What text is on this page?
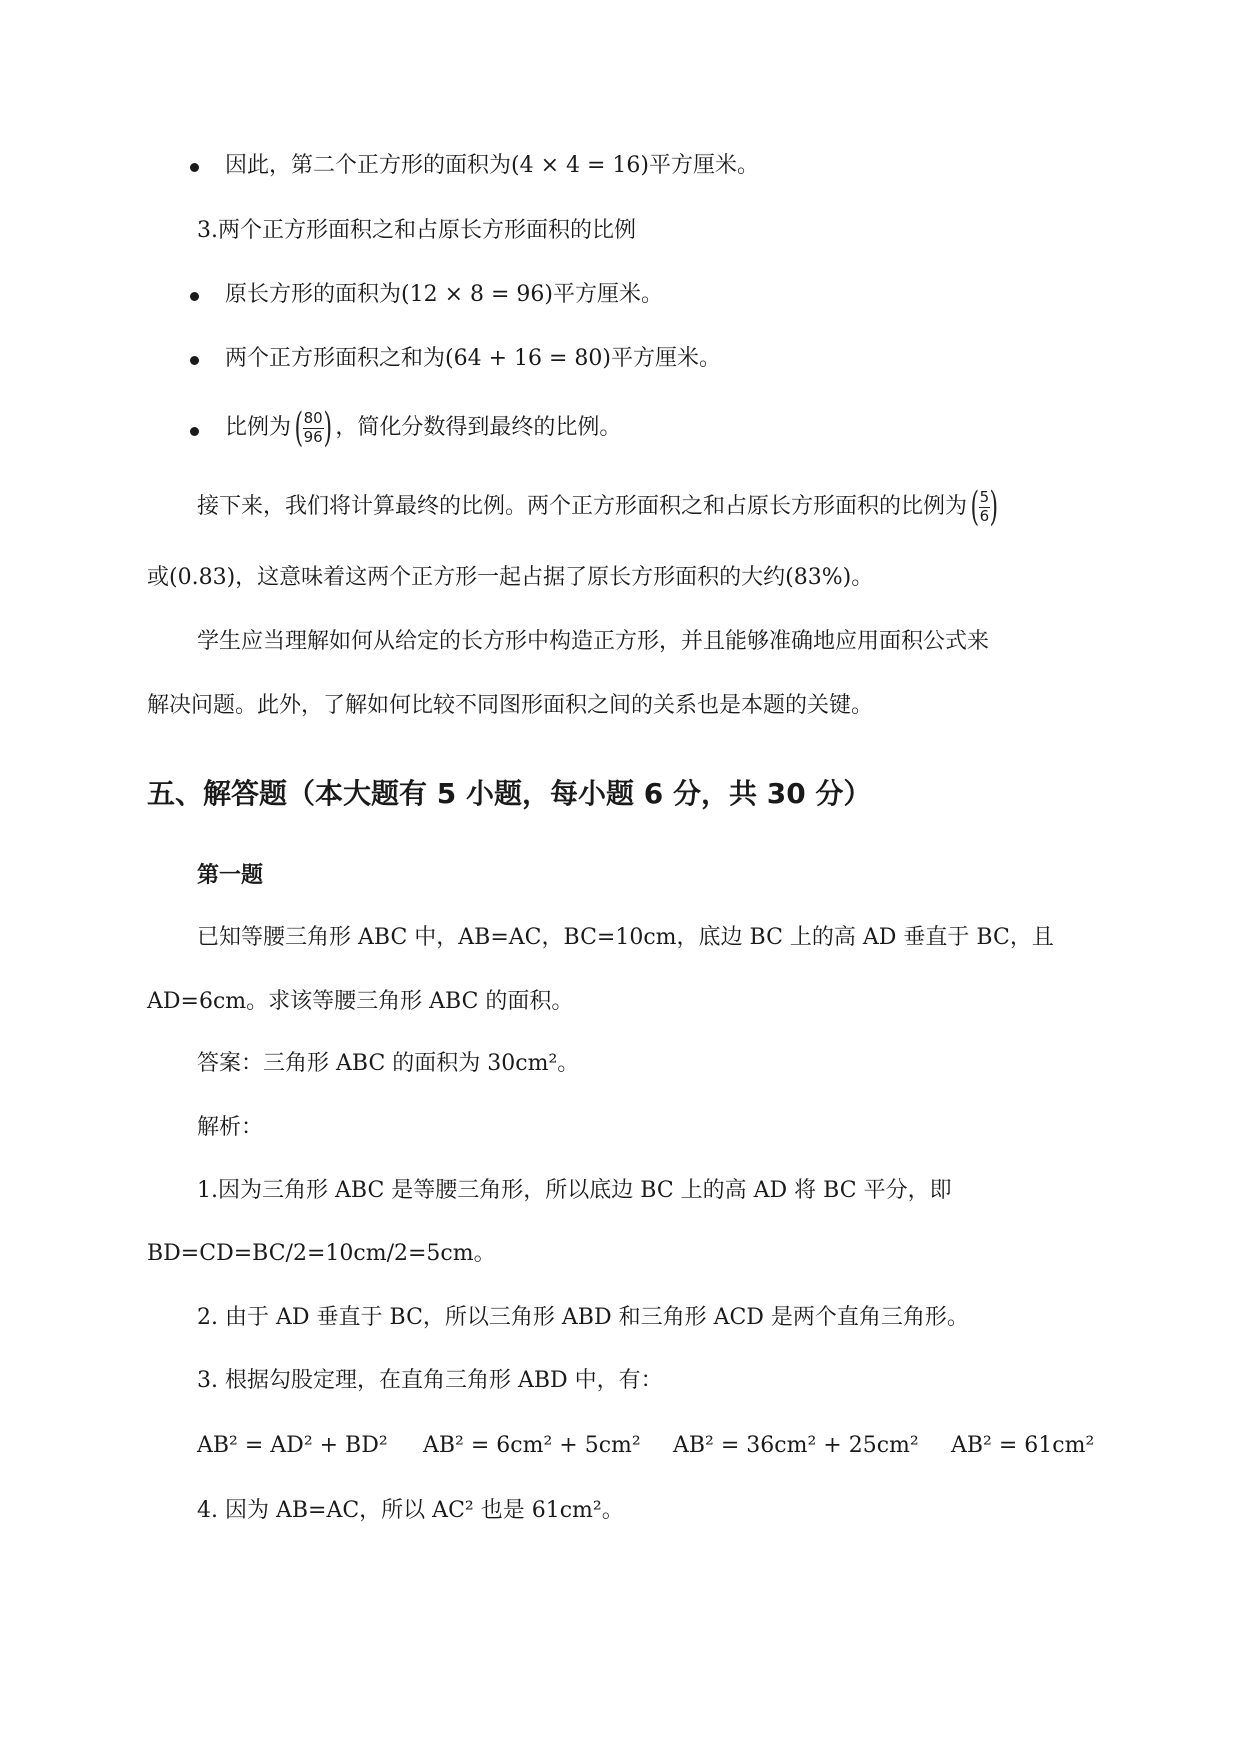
因此，第二个正方形的面积为(4 × 4 = 16)平方厘米。
3.两个正方形面积之和占原长方形面积的比例
原长方形的面积为(12 × 8 = 96)平方厘米。
两个正方形面积之和为(64 + 16 = 80)平方厘米。
比例为( $\frac{80}{96}$ ) ，简化分数得到最终的比例。
接下来，我们将计算最终的比例。两个正方形面积之和占原长方形面积的比例为( $\frac{5}{6}$ )
或(0.83)，这意味着这两个正方形一起占据了原长方形面积的大约(83%)。
学生应当理解如何从给定的长方形中构造正方形，并且能够准确地应用面积公式来
解决问题。此外，了解如何比较不同图形面积之间的关系也是本题的关键。
五、解答题（本大题有 5 小题，每小题 6 分，共 30 分）
第一题
已知等腰三角形 ABC 中，AB=AC，BC=10cm，底边 BC 上的高 AD 垂直于 BC，且
AD=6cm。求该等腰三角形 ABC 的面积。
答案：三角形 ABC 的面积为 30cm²。
解析：
1.因为三角形 ABC 是等腰三角形，所以底边 BC 上的高 AD 将 BC 平分，即
BD=CD=BC/2=10cm/2=5cm。
2. 由于 AD 垂直于 BC，所以三角形 ABD 和三角形 ACD 是两个直角三角形。
3. 根据勾股定理，在直角三角形 ABD 中，有：
AB² = AD² + BD² AB² = 6cm² + 5cm² AB² = 36cm² + 25cm² AB² = 61cm²
4. 因为 AB=AC，所以 AC² 也是 61cm²。
